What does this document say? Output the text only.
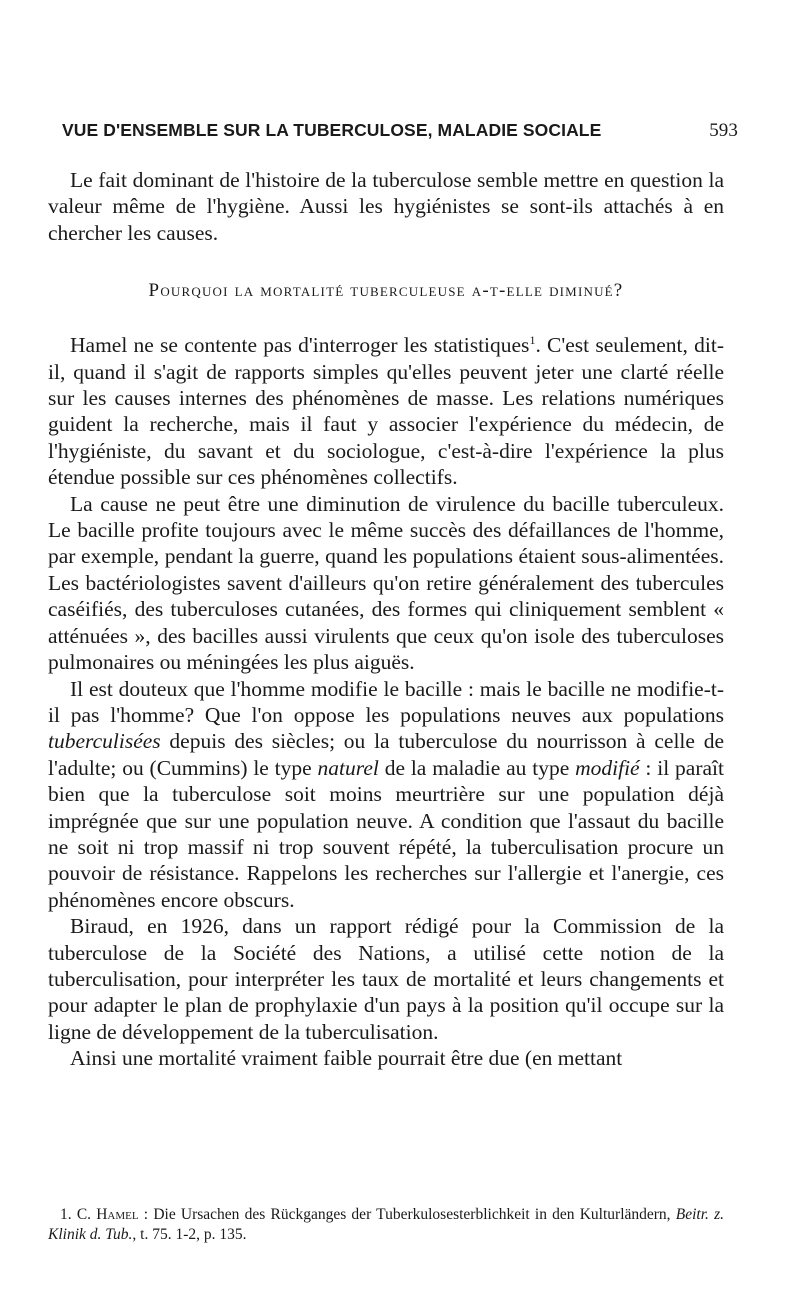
VUE D'ENSEMBLE SUR LA TUBERCULOSE, MALADIE SOCIALE	593

Le fait dominant de l'histoire de la tuberculose semble mettre en question la valeur même de l'hygiène. Aussi les hygiénistes se sont-ils attachés à en chercher les causes.

Pourquoi la mortalité tuberculeuse a-t-elle diminué?

Hamel ne se contente pas d'interroger les statistiques$^1$. C'est seulement, dit-il, quand il s'agit de rapports simples qu'elles peuvent jeter une clarté réelle sur les causes internes des phénomènes de masse. Les relations numériques guident la recherche, mais il faut y associer l'expérience du médecin, de l'hygiéniste, du savant et du sociologue, c'est-à-dire l'expérience la plus étendue possible sur ces phénomènes collectifs.

La cause ne peut être une diminution de virulence du bacille tuberculeux. Le bacille profite toujours avec le même succès des défaillances de l'homme, par exemple, pendant la guerre, quand les populations étaient sous-alimentées. Les bactériologistes savent d'ailleurs qu'on retire généralement des tubercules caséifiés, des tuberculoses cutanées, des formes qui cliniquement semblent « atténuées », des bacilles aussi virulents que ceux qu'on isole des tuberculoses pulmonaires ou méningées les plus aiguës.

Il est douteux que l'homme modifie le bacille : mais le bacille ne modifie-t-il pas l'homme? Que l'on oppose les populations neuves aux populations tuberculisées depuis des siècles; ou la tuberculose du nourrisson à celle de l'adulte; ou (Cummins) le type naturel de la maladie au type modifié : il paraît bien que la tuberculose soit moins meurtrière sur une population déjà imprégnée que sur une population neuve. A condition que l'assaut du bacille ne soit ni trop massif ni trop souvent répété, la tuberculisation procure un pouvoir de résistance. Rappelons les recherches sur l'allergie et l'anergie, ces phénomènes encore obscurs.

Biraud, en 1926, dans un rapport rédigé pour la Commission de la tuberculose de la Société des Nations, a utilisé cette notion de la tuberculisation, pour interpréter les taux de mortalité et leurs changements et pour adapter le plan de prophylaxie d'un pays à la position qu'il occupe sur la ligne de développement de la tuberculisation.

Ainsi une mortalité vraiment faible pourrait être due (en mettant

1. C. Hamel : Die Ursachen des Rückganges der Tuberkulosesterblichkeit in den Kulturländern, Beitr. z. Klinik d. Tub., t. 75. 1-2, p. 135.
